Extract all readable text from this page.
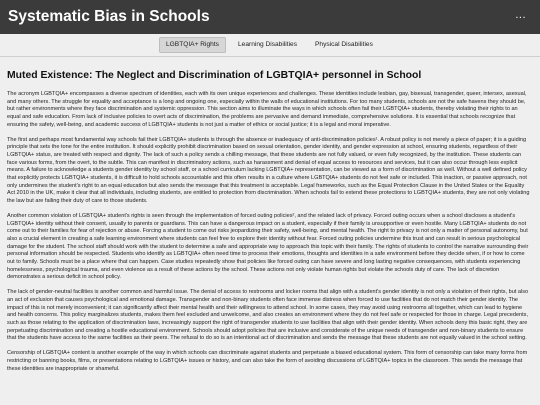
Systematic Bias in Schools	...
LGBTQIA+ Rights	Learning Disabilities	Physical Disabilities
Muted Existence: The Neglect and Discrimination of LGBTQIA+ personnel in School

The acronym LGBTQIA+ encompasses a diverse spectrum of identities, each with its own unique experiences and challenges. These identities include lesbian, gay, bisexual, transgender, queer, intersex, asexual, and many others. The struggle for equality and acceptance is a long and ongoing one, especially within the walls of educational institutions. For too many students, schools are not the safe havens they should be, but rather environments where they face discrimination and systemic oppression. This section aims to illuminate the ways in which schools often fail their LGBTQIA+ students, thereby violating their rights to an equal and safe education. From lack of inclusive policies to overt acts of discrimination, the problems are pervasive and demand immediate, comprehensive solutions. It is essential that schools recognize that ensuring the safety, well-being, and academic success of LGBTQIA+ students is not just a matter of ethics or social justice; it is a legal and moral imperative.

The first and perhaps most fundamental way schools fail their LGBTQIA+ students is through the absence or inadequacy of anti-discrimination policies¹. A robust policy is not merely a piece of paper; it is a guiding principle that sets the tone for the entire institution. It should explicitly prohibit discrimination based on sexual orientation, gender identity, and gender expression at school, ensuring students, regardless of their LGBTQIA+ status, are treated with respect and dignity. The lack of such a policy sends a chilling message, that these students are not fully valued, or even fully recognized, by the institution. These students can face various forms, from the overt, to the subtle. This can manifest in discriminatory actions, such as harassment and denial of equal access to resources and services, but it can also occur through less explicit means. A failure to acknowledge a students gender identity by school staff, or a school curriculum lacking LGBTQIA+ representation, can be viewed as a form of discrimination as well. Without a well defined policy that explicitly protects LGBTQIA+ students, it is difficult to hold schools accountable and this often results in a culture where LGBTQIA+ students do not feel safe or included. This inaction, or passive approach, not only undermines the student's right to an equal education but also sends the message that this treatment is acceptable. Legal frameworks, such as the Equal Protection Clause in the United States or the Equality Act 2010 in the UK, make it clear that all individuals, including students, are entitled to protection from discrimination. When schools fail to extend these protections to LGBTQIA+ students, they are not only violating the law but are failing their duty of care to those students.

Another common violation of LGBTQIA+ student's rights is seen through the implementation of forced outing policies², and the related lack of privacy. Forced outing occurs when a school discloses a student's LGBTQIA+ identity without their consent, usually to parents or guardians. This can have a dangerous impact on a student, especially if their family is unsupportive or even hostile. Many LGBTQIA+ students do not come out to their families for fear of rejection or abuse. Forcing a student to come out risks jeopardizing their safety, well-being, and mental health. The right to privacy is not only a matter of personal autonomy, but also a crucial element in creating a safe learning environment where students can feel free to explore their identity without fear. Forced outing policies undermine this trust and can result in serious psychological damage for the student. The school staff should work with the student to determine a safe and appropriate way to approach this topic with their family. The rights of students to control the narrative surrounding their personal information should be respected. Students who identify as LGBTQIA+ often need time to process their emotions, thoughts and identities in a safe environment before they decide when, if or how to come out to family. Schools must be a place where that can happen. Case studies repeatedly show that policies like forced outing can have severe and long lasting negative consequences, with students experiencing homelessness, psychological trauma, and even violence as a result of these actions by the school. These actions not only violate human rights but violate the schools duty of care. The lack of discretion demonstrates a serious deficit in school policy.

The lack of gender-neutral facilities is another common and harmful issue. The denial of access to restrooms and locker rooms that align with a student's gender identity is not only a violation of their rights, but also an act of exclusion that causes psychological and emotional damage. Transgender and non-binary students often face immense distress when forced to use facilities that do not match their gender identity. The impact of this is not merely inconvenient; it can significantly affect their mental health and their willingness to attend school. In some cases, they may avoid using restrooms all together, which can lead to hygiene and health concerns. This policy marginalizes students, makes them feel excluded and unwelcome, and also creates an environment where they do not feel safe or respected for those in charge. Legal precedents, such as those relating to the application of discrimination laws, increasingly support the right of transgender students to use facilities that align with their gender identity. When schools deny this basic right, they are perpetuating discrimination and creating a hostile educational environment. Schools should adopt policies that are inclusive and considerate of the unique needs of transgender and non-binary students to ensure that the students have access to the same facilities as their peers. The refusal to do so is an intentional act of discrimination and sends the message that these students are not equally valued in the school setting.

Censorship of LGBTQIA+ content is another example of the way in which schools can discriminate against students and perpetuate a biased educational system. This form of censorship can take many forms from restricting or banning books, films, or presentations relating to LGBTQIA+ issues or history, and can also take the form of avoiding discussions of LGBTQIA+ topics in the classroom. This sends the message that these identities are inappropriate or shameful.
